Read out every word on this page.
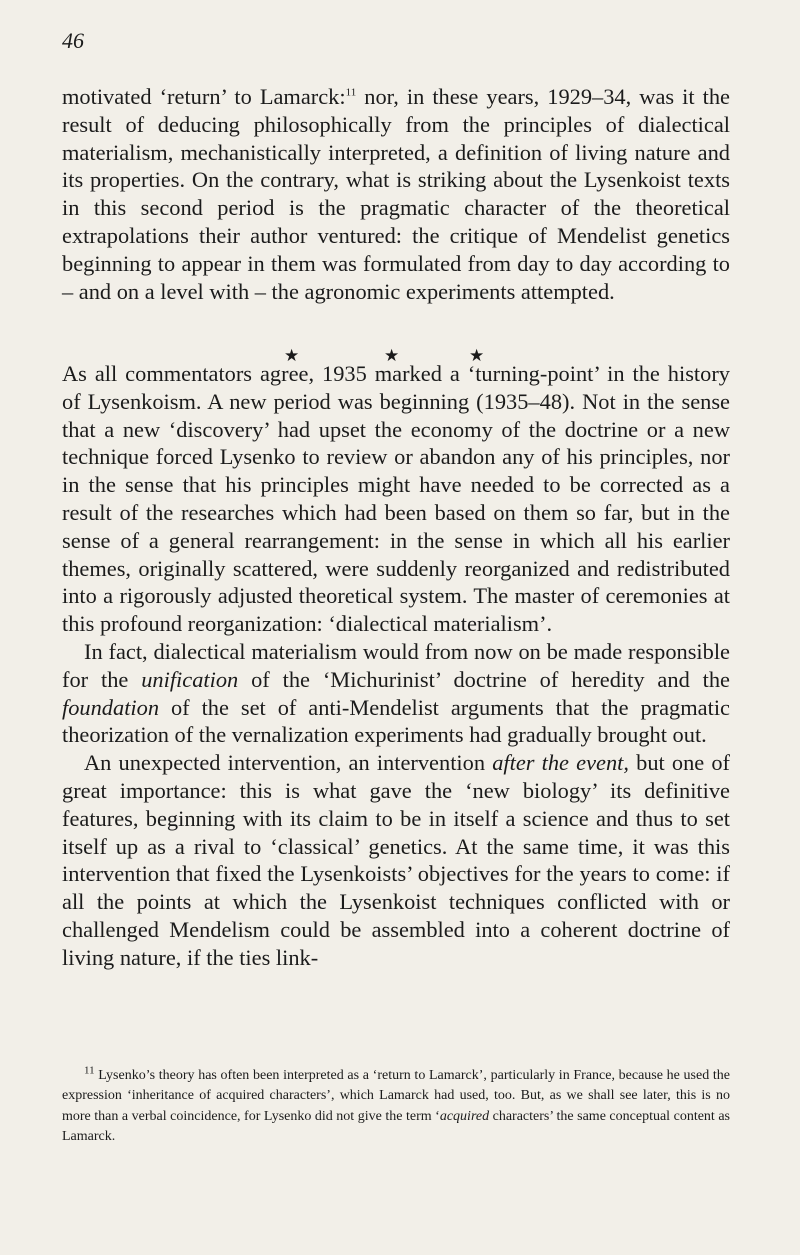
46

motivated ‘return’ to Lamarck:$^{11}$ nor, in these years, 1929–34, was it the result of deducing philosophically from the principles of dialectical materialism, mechanistically interpreted, a definition of living nature and its properties. On the contrary, what is striking about the Lysenkoist texts in this second period is the pragmatic character of the theoretical extrapolations their author ventured: the critique of Mendelist genetics beginning to appear in them was formulated from day to day according to – and on a level with – the agronomic experiments attempted.

★	★	★

As all commentators agree, 1935 marked a ‘turning-point’ in the history of Lysenkoism. A new period was beginning (1935–48). Not in the sense that a new ‘discovery’ had upset the economy of the doctrine or a new technique forced Lysenko to review or abandon any of his principles, nor in the sense that his principles might have needed to be corrected as a result of the researches which had been based on them so far, but in the sense of a general rearrangement: in the sense in which all his earlier themes, originally scattered, were suddenly reorganized and redistributed into a rigorously adjusted theoretical system. The master of ceremonies at this profound reorganization: ‘dialectical materialism’.

In fact, dialectical materialism would from now on be made responsible for the unification of the ‘Michurinist’ doctrine of heredity and the foundation of the set of anti-Mendelist arguments that the pragmatic theorization of the vernalization experiments had gradually brought out.

An unexpected intervention, an intervention after the event, but one of great importance: this is what gave the ‘new biology’ its definitive features, beginning with its claim to be in itself a science and thus to set itself up as a rival to ‘classical’ genetics. At the same time, it was this intervention that fixed the Lysenkoists’ objectives for the years to come: if all the points at which the Lysenkoist techniques conflicted with or challenged Mendelism could be assembled into a coherent doctrine of living nature, if the ties link-

$^{11}$ Lysenko’s theory has often been interpreted as a ‘return to Lamarck’, particularly in France, because he used the expression ‘inheritance of acquired characters’, which Lamarck had used, too. But, as we shall see later, this is no more than a verbal coincidence, for Lysenko did not give the term ‘acquired characters’ the same conceptual content as Lamarck.
